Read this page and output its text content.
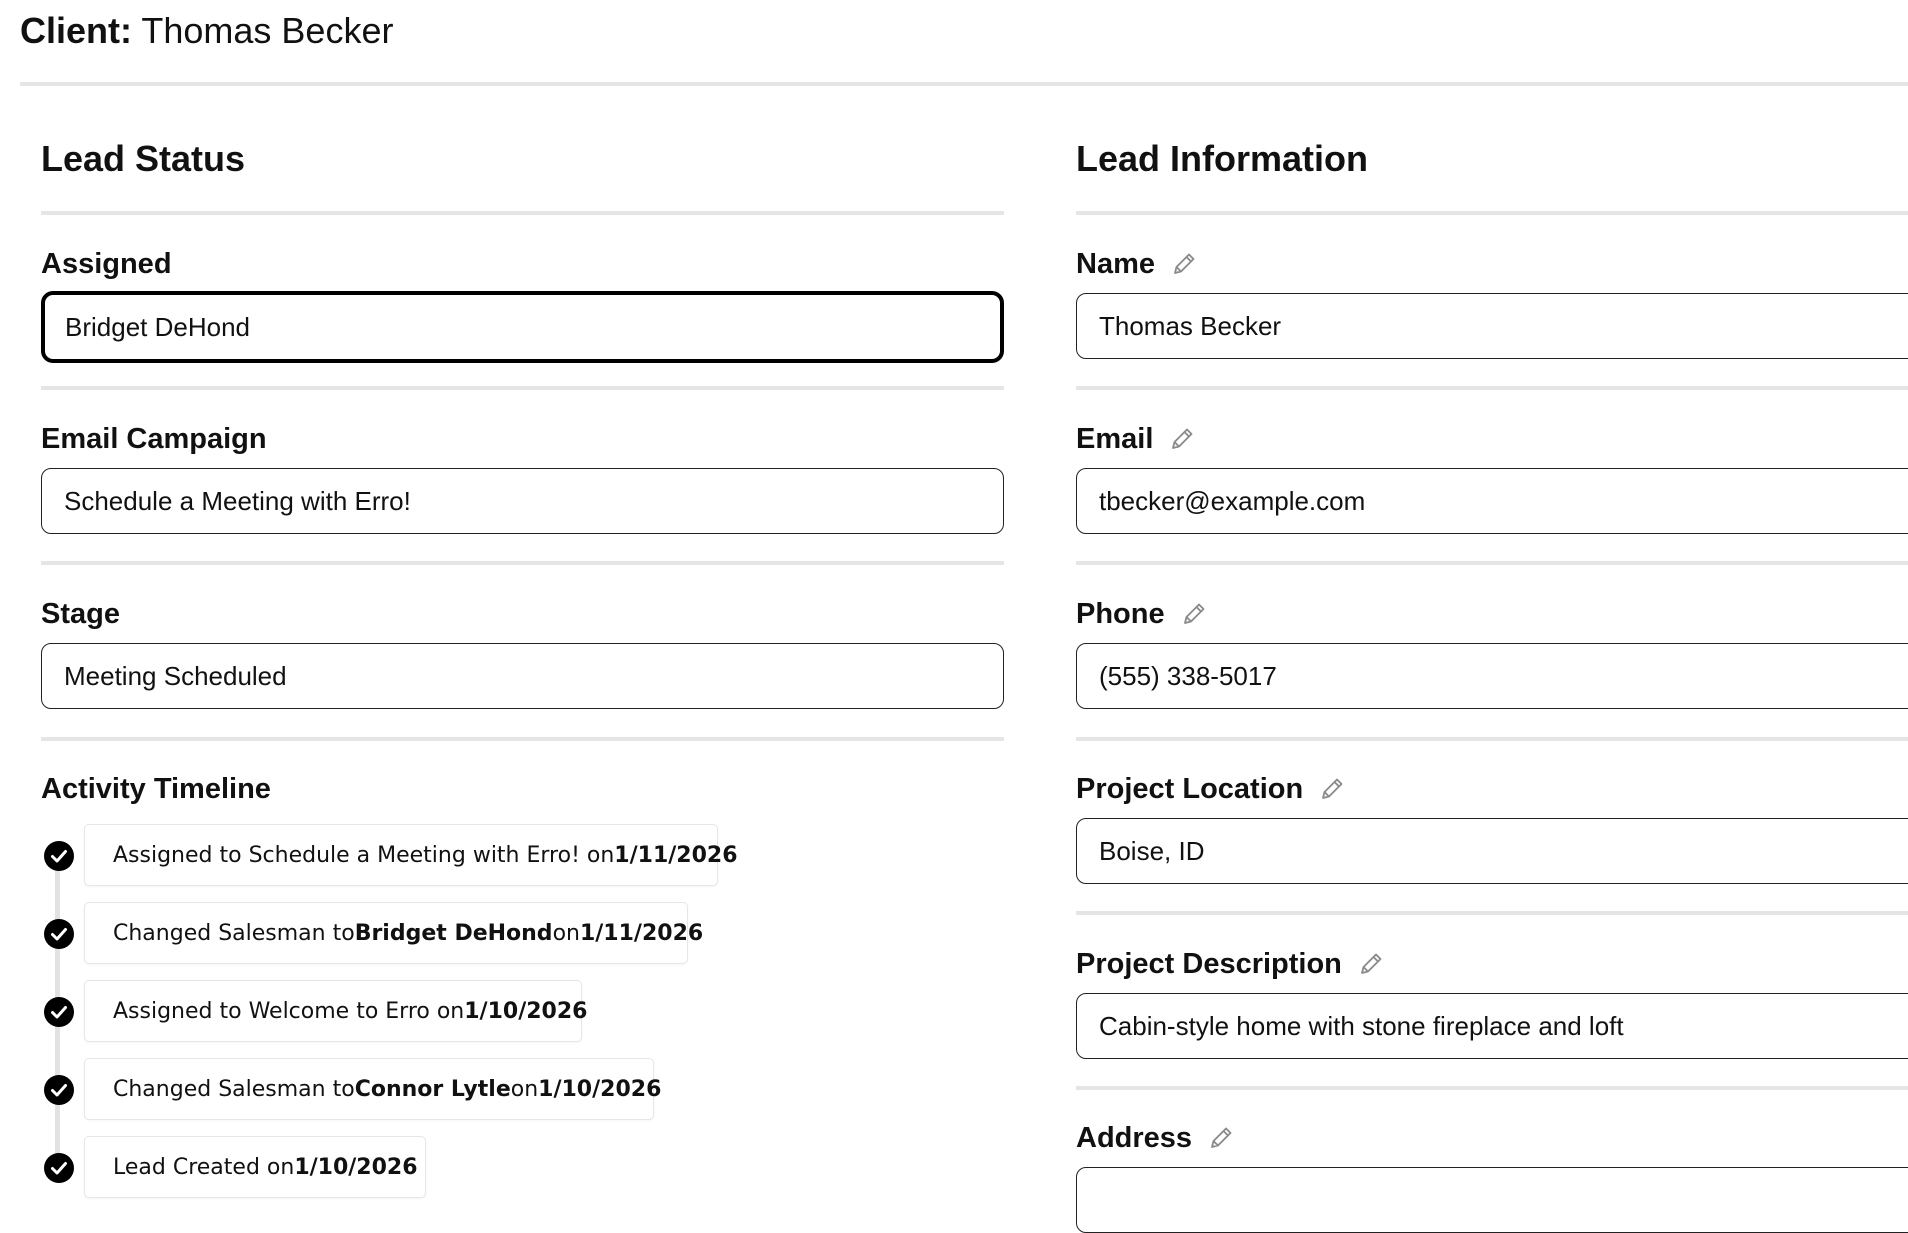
Client: Thomas Becker
Lead Status
Assigned
Bridget DeHond
Email Campaign
Schedule a Meeting with Erro!
Stage
Meeting Scheduled
Activity Timeline
Assigned to Schedule a Meeting with Erro! on 1/11/2026
Changed Salesman to Bridget DeHond on 1/11/2026
Assigned to Welcome to Erro on 1/10/2026
Changed Salesman to Connor Lytle on 1/10/2026
Lead Created on 1/10/2026
Lead Information
Name
Thomas Becker
Email
tbecker@example.com
Phone
(555) 338-5017
Project Location
Boise, ID
Project Description
Cabin-style home with stone fireplace and loft
Address
